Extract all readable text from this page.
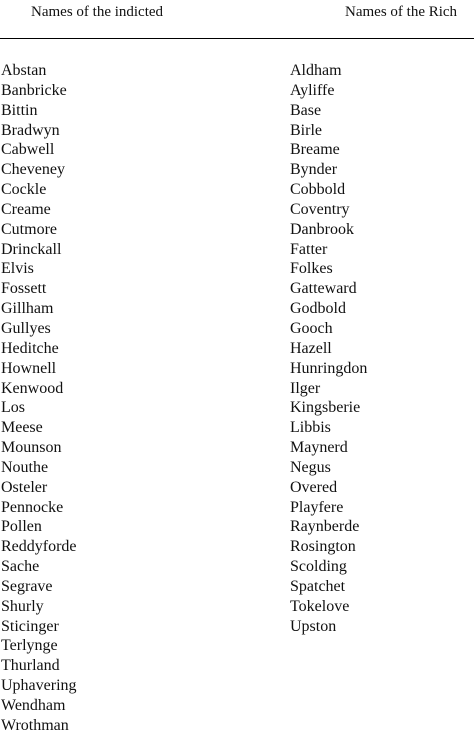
Names of the indicted	Names of the Rich
Abstan
Banbricke
Bittin
Bradwyn
Cabwell
Cheveney
Cockle
Creame
Cutmore
Drinckall
Elvis
Fossett
Gillham
Gullyes
Heditche
Hownell
Kenwood
Los
Meese
Mounson
Nouthe
Osteler
Pennocke
Pollen
Reddyforde
Sache
Segrave
Shurly
Sticinger
Terlynge
Thurland
Uphavering
Wendham
Wrothman
Aldham
Ayliffe
Base
Birle
Breame
Bynder
Cobbold
Coventry
Danbrook
Fatter
Folkes
Gatteward
Godbold
Gooch
Hazell
Hunringdon
Ilger
Kingsberie
Libbis
Maynerd
Negus
Overed
Playfere
Raynberde
Rosington
Scolding
Spatchet
Tokelove
Upston
